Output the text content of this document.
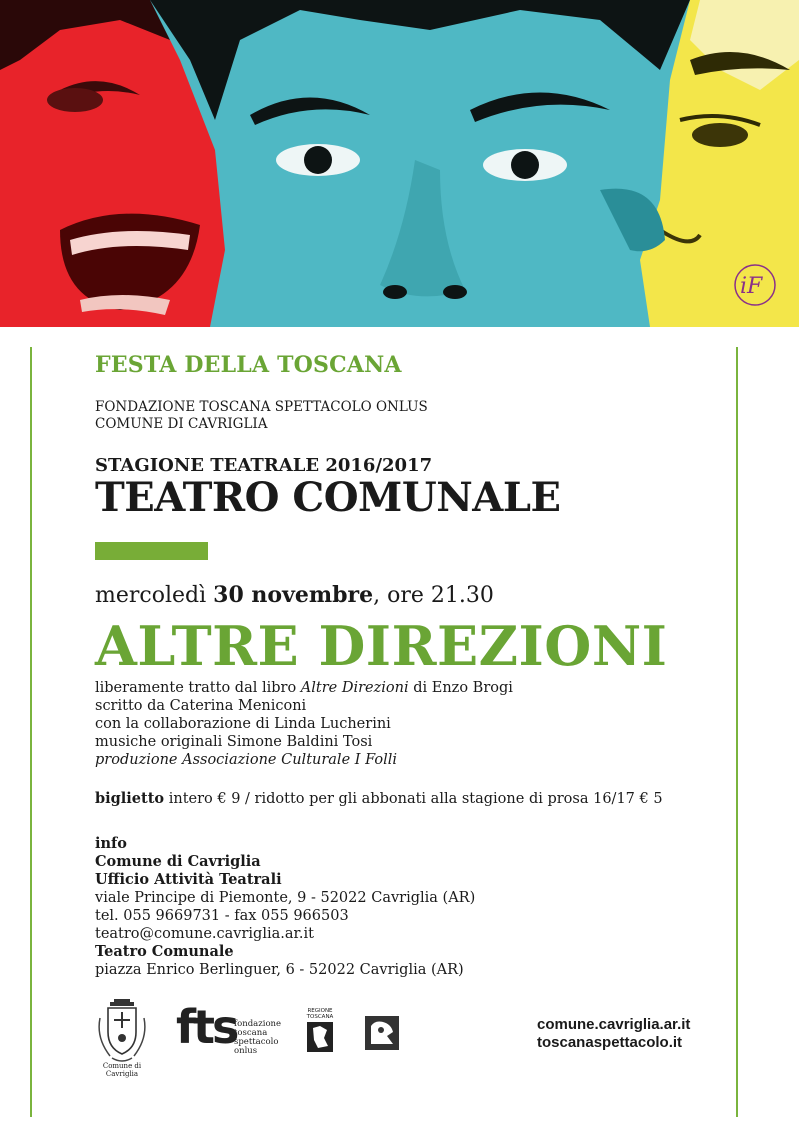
iF
FESTA DELLA TOSCANA
FONDAZIONE TOSCANA SPETTACOLO ONLUS
COMUNE DI CAVRIGLIA
STAGIONE TEATRALE 2016/2017
TEATRO COMUNALE
mercoledì 30 novembre, ore 21.30
ALTRE DIREZIONI
liberamente tratto dal libro Altre Direzioni di Enzo Brogi
scritto da Caterina Meniconi
con la collaborazione di Linda Lucherini
musiche originali Simone Baldini Tosi
produzione Associazione Culturale I Folli
biglietto intero € 9 / ridotto per gli abbonati alla stagione di prosa 16/17 € 5
info
Comune di Cavriglia
Ufficio Attività Teatrali
viale Principe di Piemonte, 9 - 52022 Cavriglia (AR)
tel. 055 9669731 - fax 055 966503
teatro@comune.cavriglia.ar.it
Teatro Comunale
piazza Enrico Berlinguer, 6 - 52022 Cavriglia (AR)
Comune di Cavriglia
fts
fondazione
toscana
spettacolo
onlus
REGIONE TOSCANA	comune.cavriglia.ar.it
toscanaspettacolo.it
